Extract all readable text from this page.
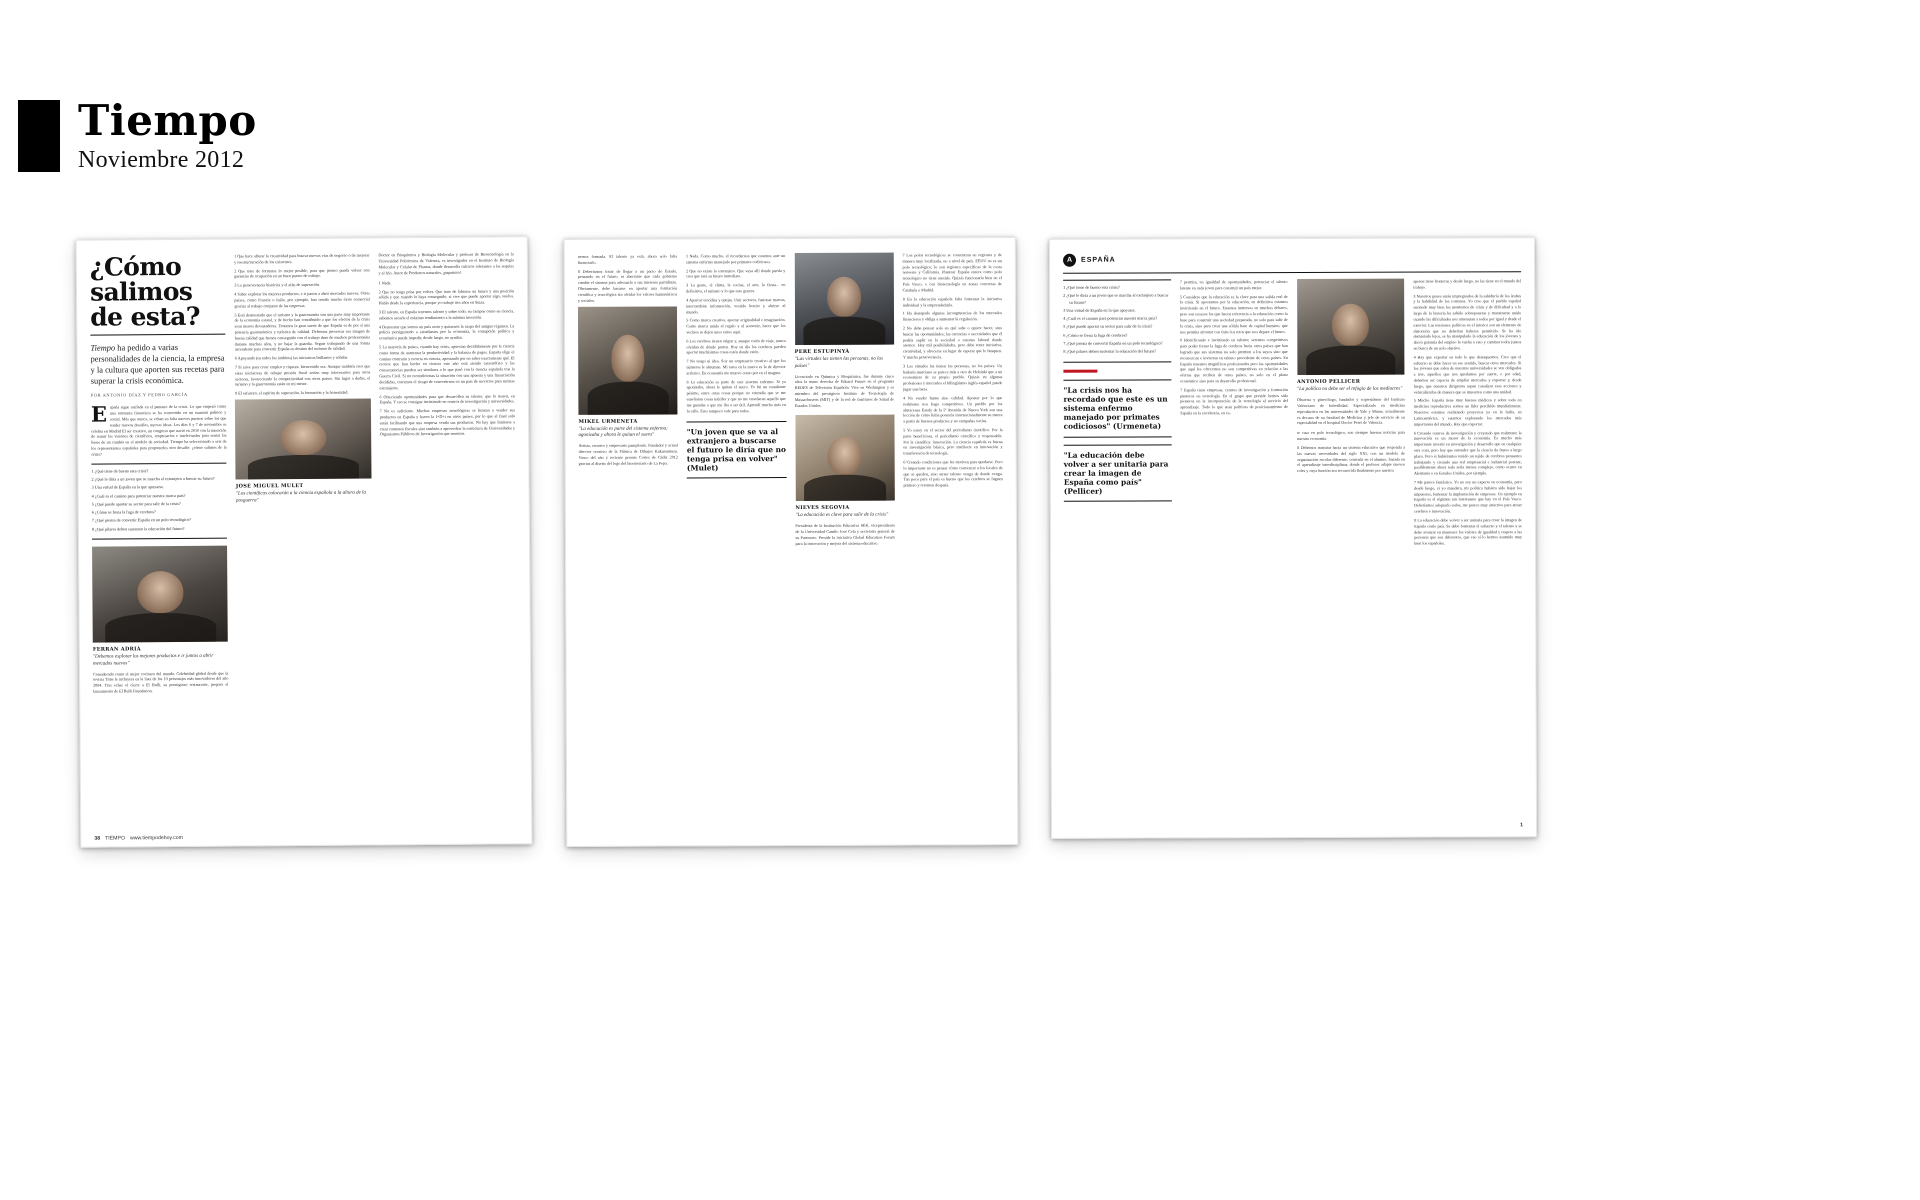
Tiempo
Noviembre 2012
¿Cómo salimos de esta?
Tiempo ha pedido a varias personalidades de la ciencia, la empresa y la cultura que aporten sus recetas para superar la crisis económica.
POR ANTONIO DÍAZ Y PEDRO GARCÍA
E spaña sigue anclada en el pantano de la crisis. Lo que empezó como una tormenta financiera se ha convertido en un tsunami político y social. Más que nunca, se echan en falta nuevos puertos sobre los que tender nuevos desafíos, nuevas ideas. Los días 6 y 7 de noviembre se celebra en Madrid El ser creativo, un congreso que nació en 2010 con la intención de reunir las visiones de científicos, empresarios e intelectuales para sentar las bases de un cambio en el modelo de sociedad. Tiempo ha seleccionado a seis de los representantes españoles para proponerles otro desafío: ¿cómo salimos de la crisis?
1 ¿Qué tiene de bueno esta crisis?
2 ¿Qué le diría a un joven que se marcha al extranjero a buscar su futuro?
3 Una virtud de España en la que apoyarse.
4 ¿Cuál es el camino para potenciar nuestra marca país?
5 ¿Qué puede aportar su sector para salir de la crisis?
6 ¿Cómo se frena la fuga de cerebros?
7 ¿Qué piensa de convertir España en un polo tecnológico?
8 ¿Qué pilares deben sustentar la educación del futuro?
FERRAN ADRIÀ
"Debemos explotar los mejores productos e ir juntos a abrir mercados nuevos"
Considerado como el mejor cocinero del mundo. Celebridad global desde que la revista Time le incluyera en la lista de los 10 personajes más innovadores del año 2004. Tras echar el cierre a El Bulli, su prestigioso restaurante, prepara el lanzamiento de El Bulli Foundation.

1 Que hace aflorar la creatividad para buscar nuevas vías de negocio o de mejorar y reestructuración de los existentes.

2 Que trate de formarse lo mejor posible, para que pronto pueda volver con garantías de ocupación en un buen puesto de trabajo.

3 La perseverancia histórica y el afán de superación.

4 Saber explotar los mejores productos, e ir juntos a abrir mercados nuevos. Otros países, como Francia o Italia, por ejemplo, han tenido mucho éxito comercial gracias al trabajo conjunto de las empresas.

5 Está demostrado que el turismo y la gastronomía son una parte muy importante de la economía estatal, y de hecho han contribuido a que los efectos de la crisis sean menos devastadores. Tenemos la gran suerte de que España es de por sí una potencia gastronómica y turística de calidad. Debemos preservar esa imagen de buena calidad que hemos conseguido con el trabajo duro de muchos profesionales durante muchos años, y no bajar la guardia. Seguir trabajando de una forma ascendente para convertir España en destino del turismo de calidad.

6 Apoyando (en todos los ámbitos) las iniciativas brillantes y sólidas.

7 Si sirve para crear empleo y riqueza, bienvenido sea. Aunque también creo que estas iniciativas de rebajar presión fiscal serían muy interesantes para otros sectores, favoreciendo la competitividad con otros países. Sin lugar a dudas, el turismo y la gastronomía están en mi mente.

8 El esfuerzo, el espíritu de superación, la formación y la honestidad.

JOSÉ MIGUEL MULET
"Los científicos colocarán a la ciencia española a la altura de la posguerra"
Doctor en Bioquímica y Biología Molecular y profesor de Biotecnología en la Universidad Politécnica de Valencia, es investigador en el Instituto de Biología Molecular y Celular de Plantas, donde desarrolla cultivos tolerantes a las sequías y al frío. Autor de Productos naturales, ¡papatimo!.

1 Nada.

2 Que no tenga prisa por volver. Que trate de labrarse un futuro y una posición sólida y que cuando lo haya conseguido, si cree que puede aportar algo, vuelva. Hablo desde la experiencia, porque yo trabajé tres años en Suiza.

3 El talento, en España tenemos talento y sobre todo, en campos como en ciencia, sabemos sacarle el máximo rendimiento a la mínima inversión.

4 Demostrar que somos un país serio y quitarnos la caspa del antiguo régimen. La policía persiguiendo a estudiantes por la economía, la corrupción política y económica puede impedir, desde luego, no ayudan.

5 La mayoría de países, cuando hay crisis, apuestan decididamente por la ciencia como forma de aumentar la productividad y la balanza de pagos. España elige el camino contrario y recorta en ciencia, apostando por no saber exactamente qué. El recorte que han hecho en ciencia este año está siendo catastrófico y las consecuencias pueden ser similares a lo que pasó con la ciencia española tras la Guerra Civil. Si no recondicionas la situación con una apuesta y una financiación decididas, corremos el riesgo de convertirnos en un país de servicios para turistas extranjeros.

6 Ofreciendo oportunidades para que desarrollen su talento, que lo tienen, en España. Y eso se consigue invirtiendo en centros de investigación y universidades.

7 No es suficiente. Muchas empresas tecnológicas se limitan a vender sus productos en España y hacen la I+D+i en otros países, por lo que al final solo están facilitando que una empresa venda sus productos. No hay que limitarse a crear contratos fiscales sino también a aprovechar la estructura de Universidades y Organismos Públicos de Investigación que tenemos.

38 TIEMPO www.tiempodehoy.com

nemos formada. El talento ya está, ahora solo falta financiarlo.

8 Deberíamos tratar de llegar a un pacto de Estado, pensando en el futuro, es aberrante que cada gobierno cambie el sistema para adecuarlo a sus intereses partidistas. Obviamente, debe basarse en aportar una formación científica y tecnológica sin olvidar los valores humanísticos y sociales.

MIKEL URMENETA
"La educación es parte del sistema enfermo; agonizaba y ahora le quitan el suero"
Artista, creativo y empresario pamplonés. Fundador y actual director creativo de la Fábrica de Dibujos Kukuxumusu. Vasco del año y reciente premio Cortes de Cádiz 2012 gracias al diseño del logo del bicentenario de La Pepa.

1 Nada. Como mucho, el recordarnos que estamos ante un sistema enfermo manejado por primates codiciosos.

2 Que no existe lo extranjero. Que vaya allí donde pueda y crea que está su futuro inmediato.

3 La gente, el clima, la cocina, el arte, la fiesta... en definitiva, el turismo y lo que esto genera.

4 Aparcar envidias y quejas. Unir sectores, fusionar marcas, intercambiar información, vestido bonito y abrirse al mundo.

5 Como marca creativa, aportar originalidad e imaginación. Como marca unida al regalo y al souvenir, hacer que los vecinos se dejen unos euros aquí.

6 Los cerebros tienen origen y, aunque estén de viaje, nunca olvidan de dónde parten. Hoy en día los cerebros pueden aportar muchísimas cosas estén donde estén.

7 No tengo ni idea. Soy un empresario creativo al que los números le abruman. Mi tarea en la marca es la de director artístico. En economía me muevo como por en el magma.

8 La educación es parte de este sistema enfermo. Si ya agonizaba, ahora le quitan el suero. Yo fui un estudiante pésimo, entre otras cosas porque no entendía que se me enseñaran cosas inútiles y que no me enseñaran aquello que me gustaba o que me iba a ser útil. Aprendí mucho más en la calle. Esto tampoco vale para todos.

"Un joven que se va al extranjero a buscarse el futuro le diría que no tenga prisa en volver" (Mulet)
PERE ESTUPINYÀ
"Las virtudes las tienen las personas, no los países"
Licenciado en Química y Bioquímica, fue durante cinco años la mano derecha de Eduard Punset en el programa REDES de Televisión Española. Vive en Washington y es miembro del prestigioso Instituto de Tecnología de Massachusetts (MIT) y de la red de Institutos de Salud de Estados Unidos.
NIEVES SEGOVIA
"La educación es clave para salir de la crisis"
Presidenta de la Institución Educativa SEK, vicepresidenta de la Universidad Camilo José Cela y secretaria general de su Patronato. Preside la iniciativa Global Education Forum para la innovación y mejora del sistema educativo.

7 Los polos tecnológicos se concentran en regiones y de manera muy localizada, no a nivel de país. EEUU no es un polo tecnológico; lo son regiones específicas de la costa noroeste y California. Plantear España entera como polo tecnológico no tiene sentido. Quizás funcionaría bien en el País Vasco, o con biotecnología en zonas concretas de Cataluña o Madrid.

8 En la educación española falta fomentar la iniciativa individual y la emprendeduría.

1 Ha destapado algunas incongruencias de los mercados financieros y obliga a aumentar la regulación.

2 No debe pensar solo en qué sabe o quiere hacer, sino buscar las oportunidades; las carencias o necesidades que él podría suplir en la sociedad o entorno laboral donde aterrice. Hay mil posibilidades, pero debe tener iniciativa, creatividad, y ofrecerse en lugar de esperar que le busquen. Y mucha perseverancia.

3 Las virtudes las tienen las personas, no los países. Un bailarín murciano se parece más a otro de Helsinki que a un economista de su propio pueblo. Quizás en algunas profesiones y mercados el bilingüismo inglés-español puede jugar una baza.

4 No vender humo sino calidad. Apostar por lo que realmente nos haga competitivos. Un pueblo por los almacenes Eataly de la 5ª Avenida de Nueva York son una lección de cómo Italia potencia internacionalmente su marca a partir de buenos productos y no campañas vacías.

5 Yo estoy en el sector del periodismo científico. Por la parte beneficiosa, el periodismo científico y responsable. Por la científica: innovación. La ciencia española es buena en investigación básica, pero mediocre en innovación y transferencia de tecnología.

6 Creando condiciones que les motiven para quedarse. Pero lo importante no es pensar cómo convencer a los locales de que se queden, sino atraer talento venga de donde venga. Tan poco para el país es bueno que los cerebros se fuguen primero y retornen después.

A	ESPAÑA
1 ¿Qué tiene de bueno esta crisis?
2 ¿Qué le diría a un joven que se marcha al extranjero a buscar su futuro?
3 Una virtud de España en la que apoyarse.
4 ¿Cuál es el camino para potenciar nuestra marca país?
5 ¿Qué puede aportar su sector para salir de la crisis?
6 ¿Cómo se frena la fuga de cerebros?
7 ¿Qué piensa de convertir España en un polo tecnológico?
8 ¿Qué pilares deben sustentar la educación del futuro?
"La crisis nos ha recordado que este es un sistema enfermo manejado por primates codiciosos" (Urmeneta)
"La educación debe volver a ser unitaria para crear la imagen de España como país" (Pellicer)

7 permita, en igualdad de oportunidades, potenciar el talento latente en cada joven para construir un país mejor.

5 Considero que la educación es la clave para una salida real de la crisis. Si apostamos por la educación, en definitiva estamos invirtiendo en el futuro. Estamos inmersos en muchos debates, pero son escasos los que hacen referencia a la educación como la base para construir una sociedad preparada, no solo para salir de la crisis, sino para crear una sólida base de capital humano, que nos permita afrontar con éxito los retos que nos depare el futuro.

6 Identificando e invirtiendo en talento; seremos competitivos para poder frenar la fuga de cerebros hacia otros países que han logrado que sus sistemas no solo premien a los suyos sino que reconozcan e inviertan en talento procedente de otros países. En España tenemos magníficos profesionales pero las oportunidades que aquí les ofrecemos no son competitivas en relación a las ofertas que reciben de otros países, no solo en el plano económico sino para su desarrollo profesional.

7 España tiene empresas, centros de investigación y formación punteros en tecnología. En el grupo que preside hemos sido pioneros en la incorporación de la tecnología al servicio del aprendizaje. Todo lo que sean políticas de posicionamiento de España en la excelencia, en es-

ANTONIO PELLICER
"La política no debe ser el refugio de los mediocres"
Obstetra y ginecólogo, fundador y copresidente del Instituto Valenciano de Infertilidad. Especializado en medicina reproductiva en las universidades de Yale y Maine, actualmente es decano de su facultad de Medicina y jefe de servicio de su especialidad en el hospital Doctor Peset de Valencia.

te caso en polo tecnológico, son siempre buenas noticias para nuestra economía.

8 Debemos transitar hacia un sistema educativo que responda a las nuevas necesidades del siglo XXI, con un modelo de organización escolar diferente, centrada en el alumno, basada en el aprendizaje interdisciplinar, donde el profesor adapte nuevos roles y cuya función sea reconocida finalmente por nuestra

apenas tiene fronteras y desde luego, no las tiene en el mundo del trabajo.

3 Nuestros genes están impregnados de la sabiduría de los árabes y la habilidad de los romanos. Yo creo que el pueblo español entiende muy bien los momentos de crisis y de dificultad y a lo largo de la historia ha sabido sobreponerse y mantenerse unido cuando las dificultades nos amenazan a todos por igual y desde el exterior. Las tensiones políticas en el interior son un elemento de distorsión que no deberían haberse permitido. Se ha ido demasiado lejos, se ha manipulado la educación de los jóvenes y ahora garantía del empleo la vuelta a esto y caminar todos juntos en busca de un solo objetivo.

4 Hay que exportar en todo lo que destaquemos. Creo que el esfuerzo se debe hacer en ese sentido, buscar otros mercados. Si los jóvenes que salen de nuestras universidades se ven obligados a irse, aquellos que nos quedamos por suerte, o por edad, debemos ser capaces de ampliar mercados y exportar y, desde luego, que nuestros dirigentes sepan canalizar esas acciones y vehiculizarlas de manera que se muestren como una unidad.

5 Mucho. España tiene muy buenos médicos y sobre todo en medicina reproductiva somos un líder percibido mundialmente. Nosotros estamos realizando proyectos ya en la India, en Latinoamérica, y estamos explorando los mercados más importantes del mundo. Hay que exportar.

6 Creando centros de investigación y creyendo que realmente la innovación es un motor de la economía. Es mucho más importante invertir en investigación y desarrollo que en cualquier otra cosa, pero hay que entender que la ciencia da frutos a largo plazo. Pero si hubiéramos tenido un tejido de cerebros pensantes trabajando y creando una red empresarial e industrial potente, posiblemente ahora todo sería menos complejo, como ocurre en Alemania o en Estados Unidos, por ejemplo.

7 Me parece fantástico. Yo no soy un experto en economía, pero desde luego, si yo mandara, mi política hubiera sido bajar los impuestos, fomentar la implantación de empresas. Un ejemplo en España es el régimen tan interesante que hay en el País Vasco. Deberíamos adoptarlo todos, me parece muy atractivo para atraer cerebros e innovación.

8 La educación debe volver a ser unitaria para crear la imagen de España como país. Se debe fomentar el esfuerzo y el talento y se debe avanzar en mantener los valores de igualdad y respeto a las personas que son diferentes, que eso sí lo hemos asumido muy bien los españoles.

1
